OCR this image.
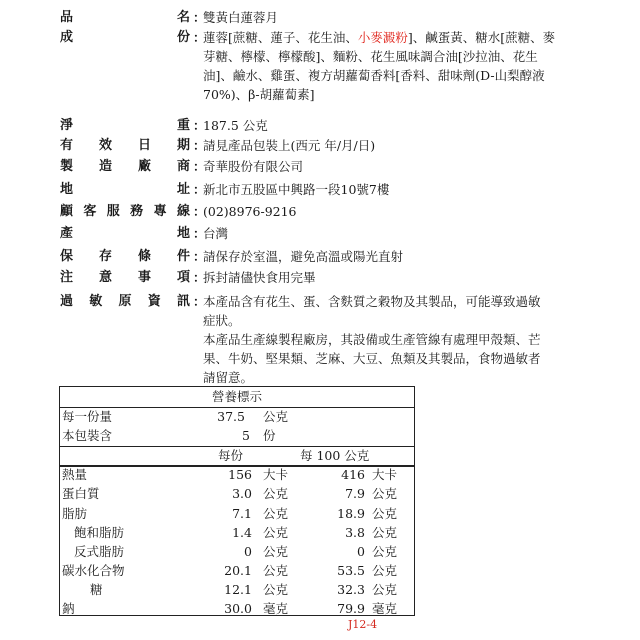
品	名 ：
雙黃白蓮蓉月
成	份 ：
蓮蓉[蔗糖、蓮子、花生油、小麥澱粉]、鹹蛋黃、糖水[蔗糖、麥
芽糖、檸檬、檸檬酸]、麵粉、花生風味調合油[沙拉油、花生
油]、鹼水、雞蛋、複方胡蘿蔔香料[香料、甜味劑(D-山梨醇液
70%)、β-胡蘿蔔素]
淨	重 ：
187.5 公克
有 效 日 期 ：
請見產品包裝上(西元 年/月/日)
製 造 廠 商 ：
奇華股份有限公司
地	址 ：
新北市五股區中興路一段10號7樓
顧 客 服 務 專 線 ：
(02)8976-9216
產	地 ：
台灣
保 存 條 件 ：
請保存於室溫，避免高溫或陽光直射
注 意 事 項 ：
拆封請儘快食用完畢
過 敏 原 資 訊 ：
本產品含有花生、蛋、含麩質之穀物及其製品，可能導致過敏
症狀。
營養標示
每一份量	37.5 公克
本包裝含	5 份
每份	每 100 公克
熱量	156 大卡	416 大卡
蛋白質	3.0 公克	7.9 公克
脂肪	7.1 公克	18.9 公克
飽和脂肪	1.4 公克	3.8 公克
反式脂肪	0 公克	0 公克
碳水化合物	20.1 公克	53.5 公克
糖	12.1 公克	32.3 公克
鈉	30.0 毫克	79.9 毫克
J12-4
本產品生產線製程廠房，其設備或生產管線有處理甲殼類、芒
果、牛奶、堅果類、芝麻、大豆、魚類及其製品，食物過敏者
請留意。
